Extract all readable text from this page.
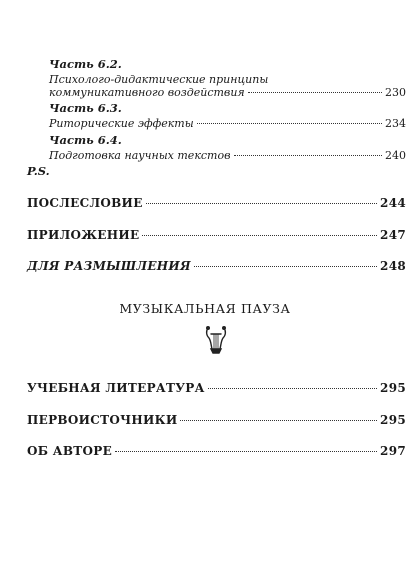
Часть 6.2.
Психолого-дидактические принципы
коммуникативного воздействия	230
Часть 6.3.
Риторические эффекты	234
Часть 6.4.
Подготовка научных текстов	240
P.S.
ПОСЛЕСЛОВИЕ	244
ПРИЛОЖЕНИЕ	247
ДЛЯ РАЗМЫШЛЕНИЯ	248
МУЗЫКАЛЬНАЯ ПАУЗА
УЧЕБНАЯ ЛИТЕРАТУРА	295
ПЕРВОИСТОЧНИКИ	295
ОБ АВТОРЕ	297
